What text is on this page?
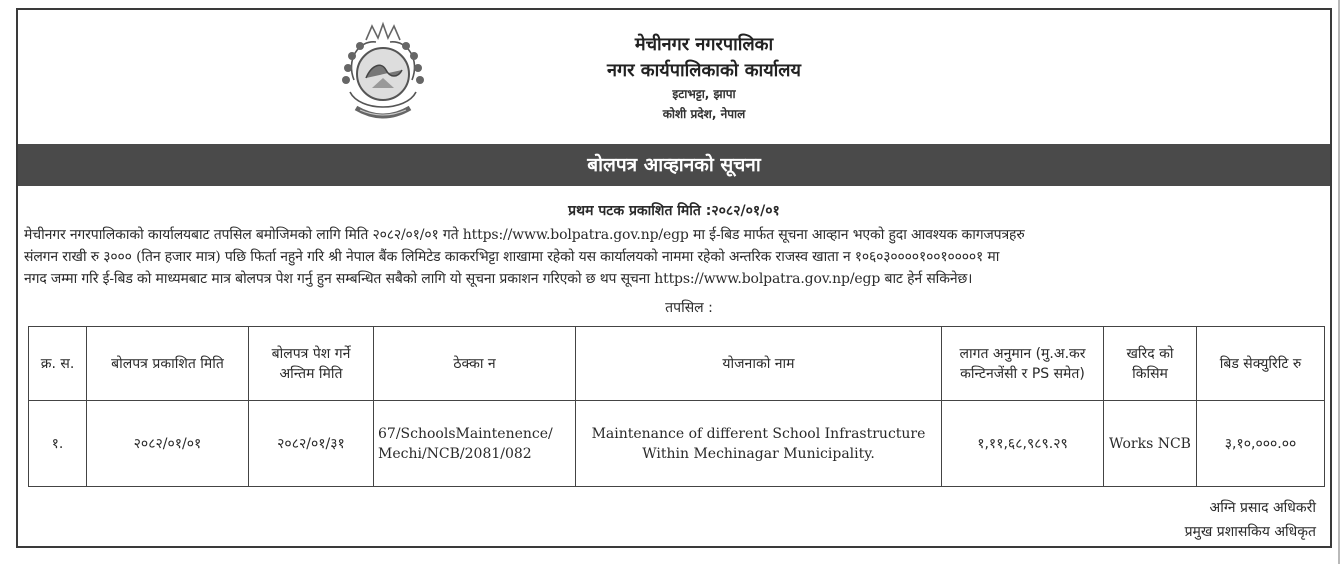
मेचीनगर नगरपालिका
नगर कार्यपालिकाको कार्यालय
इटाभट्टा, झापा
कोशी प्रदेश, नेपाल
बोलपत्र आव्हानको सूचना
प्रथम पटक प्रकाशित मिति :२०८२/०१/०१
मेचीनगर नगरपालिकाको कार्यालयबाट तपसिल बमोजिमको लागि मिति २०८२/०१/०१ गते https://www.bolpatra.gov.np/egp मा ई-बिड मार्फत सूचना आव्हान भएको हुदा आवश्यक कागजपत्रहरु
संलगन राखी रु ३००० (तिन हजार मात्र) पछि फिर्ता नहुने गरि श्री नेपाल बैंक लिमिटेड काकरभिट्टा शाखामा रहेको यस कार्यालयको नाममा रहेको अन्तरिक राजस्व खाता न १०६०३००००१००१००००१ मा
नगद जम्मा गरि ई-बिड को माध्यमबाट मात्र बोलपत्र पेश गर्नु हुन सम्बन्धित सबैको लागि यो सूचना प्रकाशन गरिएको छ थप सूचना https://www.bolpatra.gov.np/egp बाट हेर्न सकिनेछ।
तपसिल :
क्र. स.	बोलपत्र प्रकाशित मिति	बोलपत्र पेश गर्ने अन्तिम मिति	ठेक्का न	योजनाको नाम	लागत अनुमान (मु.अ.कर कन्टिनजेंसी र PS समेत)	खरिद को किसिम	बिड सेक्युरिटि रु
१.	२०८२/०१/०१	२०८२/०१/३१	67/SchoolsMaintenence/ Mechi/NCB/2081/082	Maintenance of different School Infrastructure Within Mechinagar Municipality.	१,११,६८,९८९.२९	Works NCB	३,१०,०००.००
अग्नि प्रसाद अधिकरी
प्रमुख प्रशासकिय अधिकृत
